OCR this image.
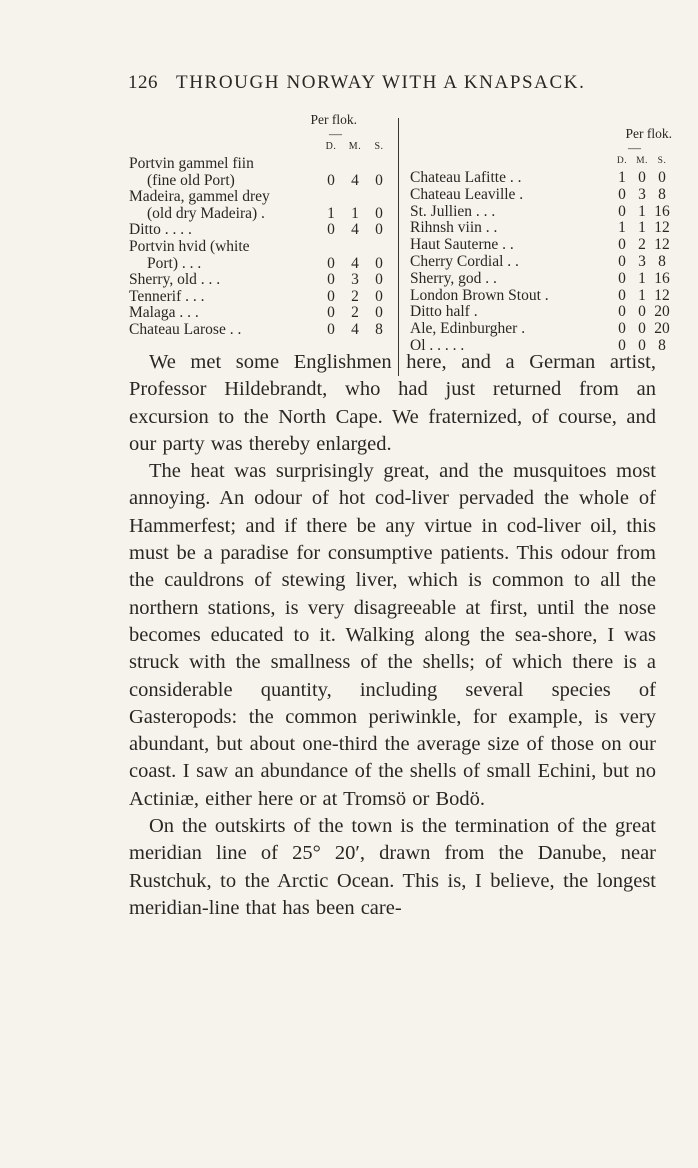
126 THROUGH NORWAY WITH A KNAPSACK.
Per flok.
—
D.	M.	S.
Portvin gammel fiin
(fine old Port)	0	4	0
Madeira, gammel drey
(old dry Madeira) .	1	1	0
Ditto . . . .	0	4	0
Portvin hvid (white
Port) . . .	0	4	0
Sherry, old . . .	0	3	0
Tennerif . . .	0	2	0
Malaga . . .	0	2	0
Chateau Larose . .	0	4	8
Per flok.
—
D. M.	S.
Chateau Lafitte . .	1 0 0
Chateau Leaville .	0 3 8
St. Jullien . . .	0 1 16
Rihnsh viin . .	1 1 12
Haut Sauterne . .	0 2 12
Cherry Cordial . .	0 3 8
Sherry, god . .	0 1 16
London Brown Stout .	0 1 12
Ditto half .	0 0 20
Ale, Edinburgher .	0 0 20
Ol . . . . .	0 0 8

We met some Englishmen here, and a German artist, Professor Hildebrandt, who had just returned from an excursion to the North Cape. We fraternized, of course, and our party was thereby enlarged.

The heat was surprisingly great, and the musquitoes most annoying. An odour of hot cod-liver pervaded the whole of Hammerfest; and if there be any virtue in cod-liver oil, this must be a paradise for consumptive patients. This odour from the cauldrons of stewing liver, which is common to all the northern stations, is very disagreeable at first, until the nose becomes educated to it. Walking along the sea-shore, I was struck with the smallness of the shells; of which there is a considerable quantity, including several species of Gasteropods: the common periwinkle, for example, is very abundant, but about one-third the average size of those on our coast. I saw an abundance of the shells of small Echini, but no Actiniæ, either here or at Tromsö or Bodö.

On the outskirts of the town is the termination of the great meridian line of 25° 20′, drawn from the Danube, near Rustchuk, to the Arctic Ocean. This is, I believe, the longest meridian-line that has been care-
